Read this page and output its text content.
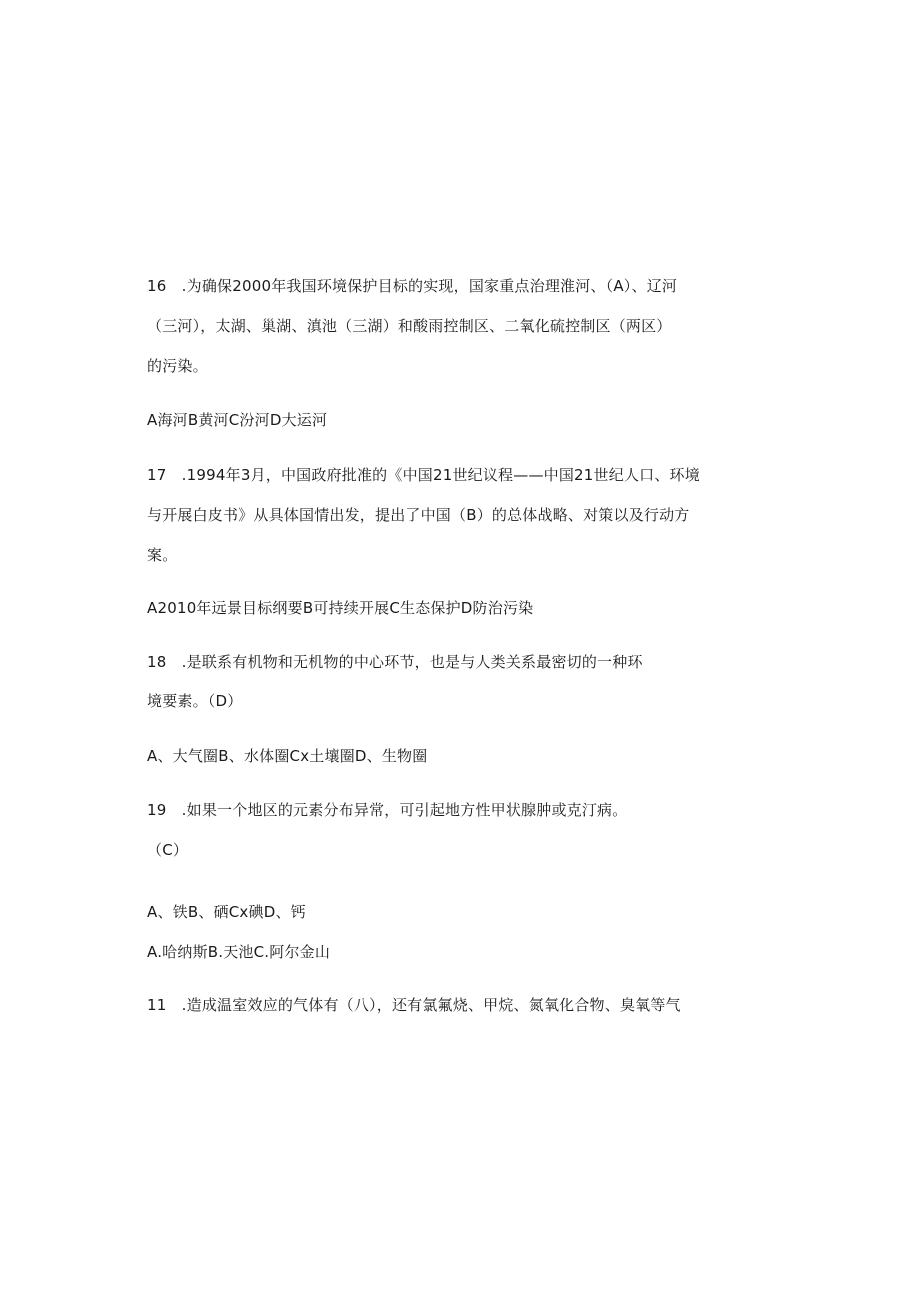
16　.为确保2000年我国环境保护目标的实现，国家重点治理淮河、（A）、辽河
（三河），太湖、巢湖、滇池（三湖）和酸雨控制区、二氧化硫控制区（两区）
的污染。
A海河B黄河C汾河D大运河
17　.1994年3月，中国政府批准的《中国21世纪议程——中国21世纪人口、环境
与开展白皮书》从具体国情出发，提出了中国（B）的总体战略、对策以及行动方
案。
A2010年远景目标纲要B可持续开展C生态保护D防治污染
18　.是联系有机物和无机物的中心环节，也是与人类关系最密切的一种环
境要素。（D）
A、大气圈B、水体圈Cx土壤圈D、生物圈
19　.如果一个地区的元素分布异常，可引起地方性甲状腺肿或克汀病。
（C）
A、铁B、硒Cx碘D、钙
A.哈纳斯B.天池C.阿尔金山
11　.造成温室效应的气体有（八），还有氯氟烧、甲烷、氮氧化合物、臭氧等气
